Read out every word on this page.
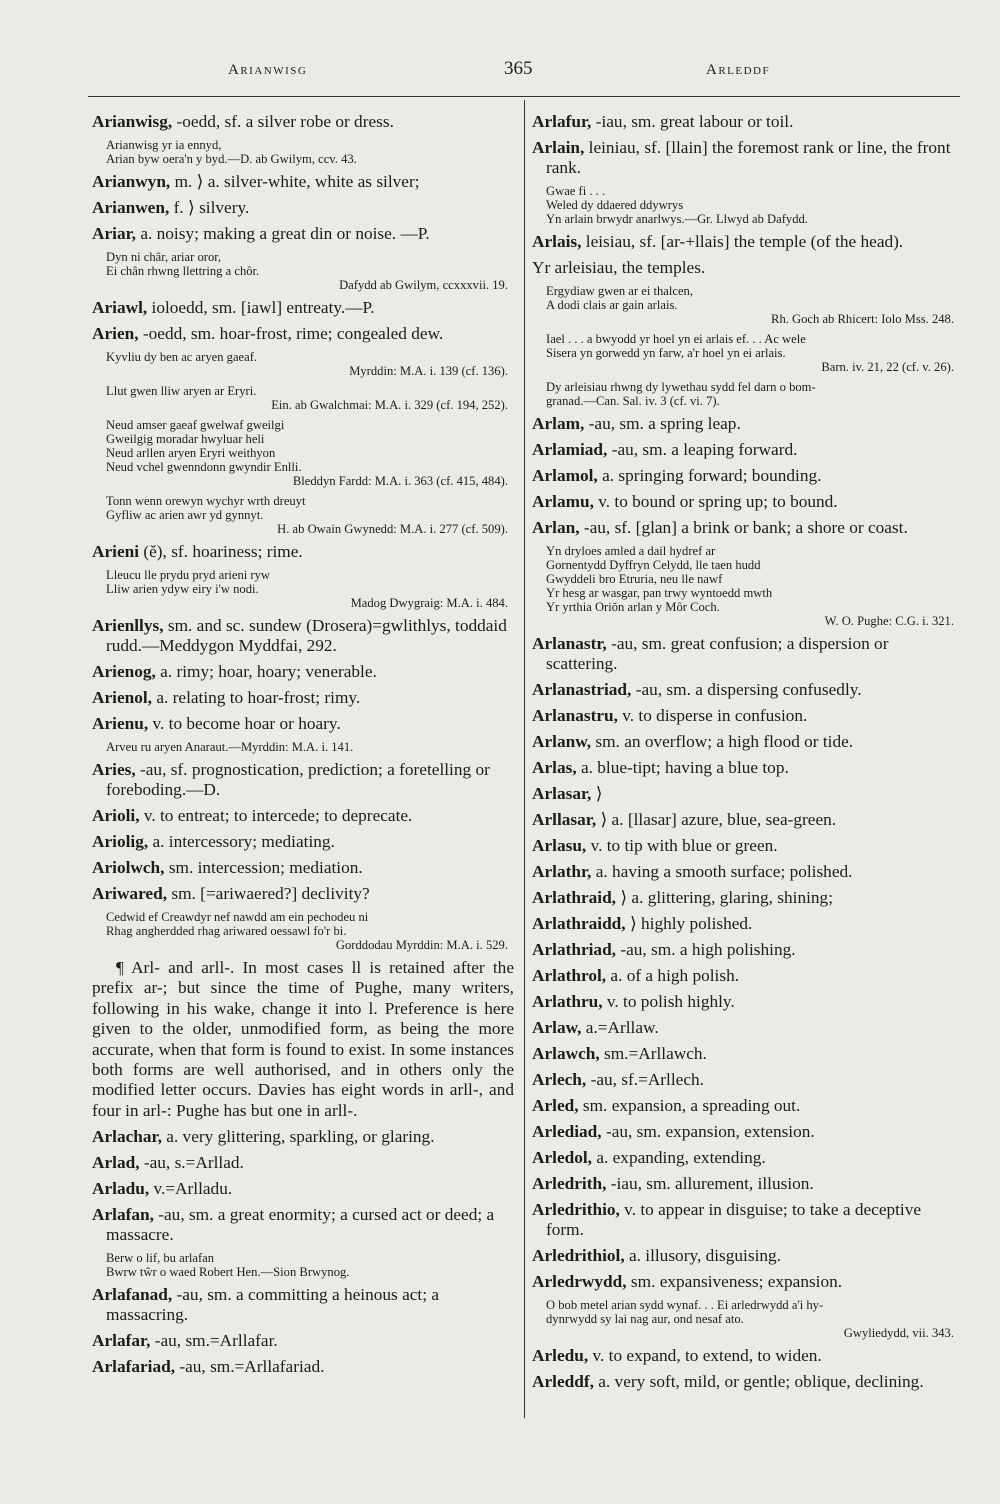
Arianwisg	365	Arleddf
Arianwisg, -oedd, sf. a silver robe or dress.
Arianwisg yr ia ennyd,
Arian byw oera'n y byd.—D. ab Gwilym, ccv. 43.
Arianwyn, m. ⟩ a. silver-white, white as silver;
Arianwen, f. ⟩ silvery.
Ariar, a. noisy; making a great din or noise. —P.
Dyn ni châr, ariar oror,
Ei chân rhwng llettring a chôr.
Dafydd ab Gwilym, ccxxxvii. 19.
Ariawl, ioloedd, sm. [iawl] entreaty.—P.
Arien, -oedd, sm. hoar-frost, rime; congealed dew.
Kyvliu dy ben ac aryen gaeaf.
Myrddin: M.A. i. 139 (cf. 136).
Llut gwen lliw aryen ar Eryri.
Ein. ab Gwalchmai: M.A. i. 329 (cf. 194, 252).
Neud amser gaeaf gwelwaf gweilgi
Gweilgig moradar hwyluar heli
Neud arllen aryen Eryri weithyon
Neud vchel gwenndonn gwyndir Enlli.
Bleddyn Fardd: M.A. i. 363 (cf. 415, 484).
Tonn wenn orewyn wychyr wrth dreuyt
Gyfliw ac arien awr yd gynnyt.
H. ab Owain Gwynedd: M.A. i. 277 (cf. 509).
Arieni (ě), sf. hoariness; rime.
Lleucu lle prydu pryd arieni ryw
Lliw arien ydyw eiry i'w nodi.
Madog Dwygraig: M.A. i. 484.
Arienllys, sm. and sc. sundew (Drosera)=gwlithlys, toddaid rudd.—Meddygon Myddfai, 292.
Arienog, a. rimy; hoar, hoary; venerable.
Arienol, a. relating to hoar-frost; rimy.
Arienu, v. to become hoar or hoary.
Arveu ru aryen Anaraut.—Myrddin: M.A. i. 141.
Aries, -au, sf. prognostication, prediction; a foretelling or foreboding.—D.
Arioli, v. to entreat; to intercede; to deprecate.
Ariolig, a. intercessory; mediating.
Ariolwch, sm. intercession; mediation.
Ariwared, sm. [=ariwaered?] declivity?
Cedwid ef Creawdyr nef nawdd am ein pechodeu ni
Rhag angherdded rhag ariwared oessawl fo'r bi.
Gorddodau Myrddin: M.A. i. 529.
¶ Arl- and arll-. In most cases ll is retained after the prefix ar-; but since the time of Pughe, many writers, following in his wake, change it into l. Preference is here given to the older, unmodified form, as being the more accurate, when that form is found to exist. In some instances both forms are well authorised, and in others only the modified letter occurs. Davies has eight words in arll-, and four in arl-: Pughe has but one in arll-.
Arlachar, a. very glittering, sparkling, or glaring.
Arlad, -au, s.=Arllad.
Arladu, v.=Arlladu.
Arlafan, -au, sm. a great enormity; a cursed act or deed; a massacre.
Berw o lif, bu arlafan
Bwrw tŵr o waed Robert Hen.—Sion Brwynog.
Arlafanad, -au, sm. a committing a heinous act; a massacring.
Arlafar, -au, sm.=Arllafar.
Arlafariad, -au, sm.=Arllafariad.
Arlafur, -iau, sm. great labour or toil.
Arlain, leiniau, sf. [llain] the foremost rank or line, the front rank.
Gwae fi . . .
Weled dy ddaered ddywrys
Yn arlain brwydr anarlwys.—Gr. Llwyd ab Dafydd.
Arlais, leisiau, sf. [ar-+llais] the temple (of the head).
Yr arleisiau, the temples.
Ergydiaw gwen ar ei thalcen,
A dodi clais ar gain arlais.
Rh. Goch ab Rhicert: Iolo Mss. 248.
Iael . . . a bwyodd yr hoel yn ei arlais ef. . . Ac wele
Sisera yn gorwedd yn farw, a'r hoel yn ei arlais.
Barn. iv. 21, 22 (cf. v. 26).
Dy arleisiau rhwng dy lywethau sydd fel darn o bom-
granad.—Can. Sal. iv. 3 (cf. vi. 7).
Arlam, -au, sm. a spring leap.
Arlamiad, -au, sm. a leaping forward.
Arlamol, a. springing forward; bounding.
Arlamu, v. to bound or spring up; to bound.
Arlan, -au, sf. [glan] a brink or bank; a shore or coast.
Yn dryloes amled a dail hydref ar
Gornentydd Dyffryn Celydd, lle taen hudd
Gwyddeli bro Etruria, neu lle nawf
Yr hesg ar wasgar, pan trwy wyntoedd mwth
Yr yrthia Oriŏn arlan y Môr Coch.
W. O. Pughe: C.G. i. 321.
Arlanastr, -au, sm. great confusion; a dispersion or scattering.
Arlanastriad, -au, sm. a dispersing confusedly.
Arlanastru, v. to disperse in confusion.
Arlanw, sm. an overflow; a high flood or tide.
Arlas, a. blue-tipt; having a blue top.
Arlasar, ⟩
Arllasar, ⟩ a. [llasar] azure, blue, sea-green.
Arlasu, v. to tip with blue or green.
Arlathr, a. having a smooth surface; polished.
Arlathraid, ⟩ a. glittering, glaring, shining;
Arlathraidd, ⟩ highly polished.
Arlathriad, -au, sm. a high polishing.
Arlathrol, a. of a high polish.
Arlathru, v. to polish highly.
Arlaw, a.=Arllaw.
Arlawch, sm.=Arllawch.
Arlech, -au, sf.=Arllech.
Arled, sm. expansion, a spreading out.
Arlediad, -au, sm. expansion, extension.
Arledol, a. expanding, extending.
Arledrith, -iau, sm. allurement, illusion.
Arledrithio, v. to appear in disguise; to take a deceptive form.
Arledrithiol, a. illusory, disguising.
Arledrwydd, sm. expansiveness; expansion.
O bob metel arian sydd wynaf. . . Ei arledrwydd a'i hy-
dynrwydd sy lai nag aur, ond nesaf ato.
Gwyliedydd, vii. 343.
Arledu, v. to expand, to extend, to widen.
Arleddf, a. very soft, mild, or gentle; oblique, declining.
